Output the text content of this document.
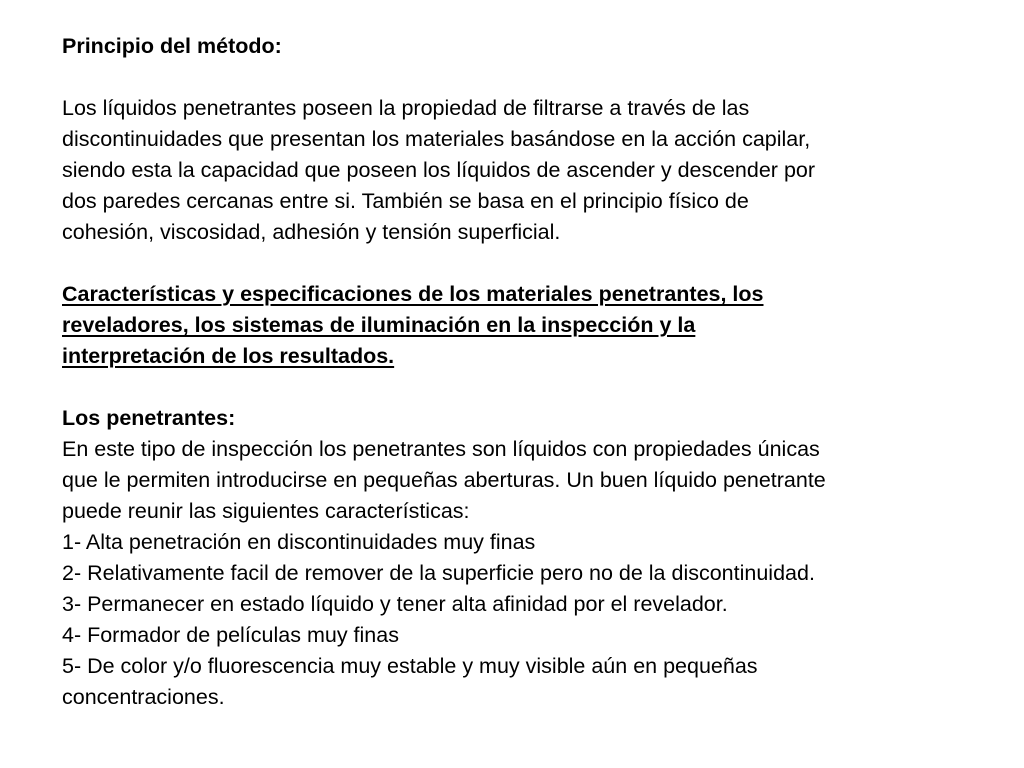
Principio del método:
Los líquidos penetrantes poseen la propiedad de filtrarse a través de las
discontinuidades que presentan los materiales basándose en la acción capilar,
siendo esta la capacidad que poseen los líquidos de ascender y descender por
dos paredes cercanas entre si. También se basa en el principio físico de
cohesión, viscosidad, adhesión y tensión superficial.
Características y especificaciones de los materiales penetrantes, los
reveladores, los sistemas de iluminación en la inspección y la
interpretación de los resultados.
Los penetrantes:
En este tipo de inspección los penetrantes son líquidos con propiedades únicas
que le permiten introducirse en pequeñas aberturas. Un buen líquido penetrante
puede reunir las siguientes características:
1- Alta penetración en discontinuidades muy finas
2- Relativamente facil de remover de la superficie pero no de la discontinuidad.
3- Permanecer en estado líquido y tener alta afinidad por el revelador.
4- Formador de películas muy finas
5- De color y/o fluorescencia muy estable y muy visible aún en pequeñas
concentraciones.
